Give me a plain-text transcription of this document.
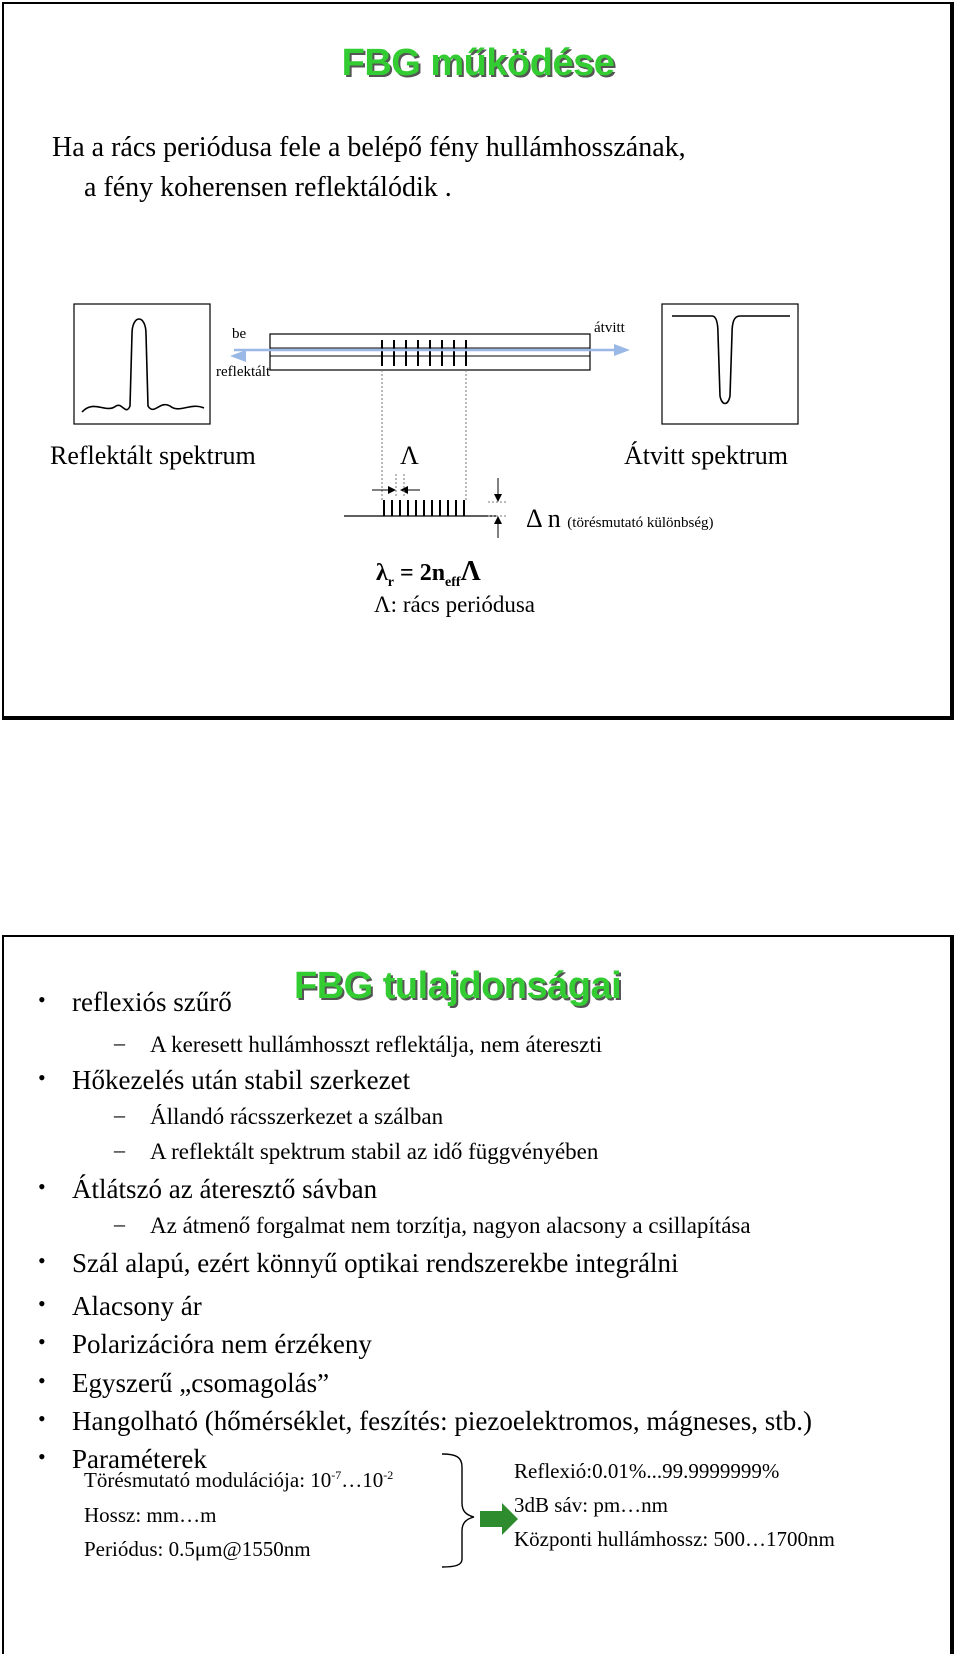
FBG működése
Ha a rács periódusa fele a belépő fény hullámhosszának,
a fény koherensen reflektálódik .
be
reflektált
átvitt
Reflektált spektrum	Λ	Átvitt spektrum
Δ n (törésmutató különbség)
$\lambda_r = 2n_{eff}\Lambda$
Λ: rács periódusa
FBG tulajdonságai
• reflexiós szűrő
– A keresett hullámhosszt reflektálja, nem átereszti
• Hőkezelés után stabil szerkezet
– Állandó rácsszerkezet a szálban
– A reflektált spektrum stabil az idő függvényében
• Átlátszó az áteresztő sávban
– Az átmenő forgalmat nem torzítja, nagyon alacsony a csillapítása
• Szál alapú, ezért könnyű optikai rendszerekbe integrálni
• Alacsony ár
• Polarizációra nem érzékeny
• Egyszerű „csomagolás”
• Hangolható (hőmérséklet, feszítés: piezoelektromos, mágneses, stb.)
• Paraméterek
Törésmutató modulációja: $10^{-7}\dots 10^{-2}$
Hossz: mm…m
Periódus: 0.5μm@1550nm
Reflexió:0.01%...99.9999999%
3dB sáv: pm…nm
Központi hullámhossz: 500…1700nm
